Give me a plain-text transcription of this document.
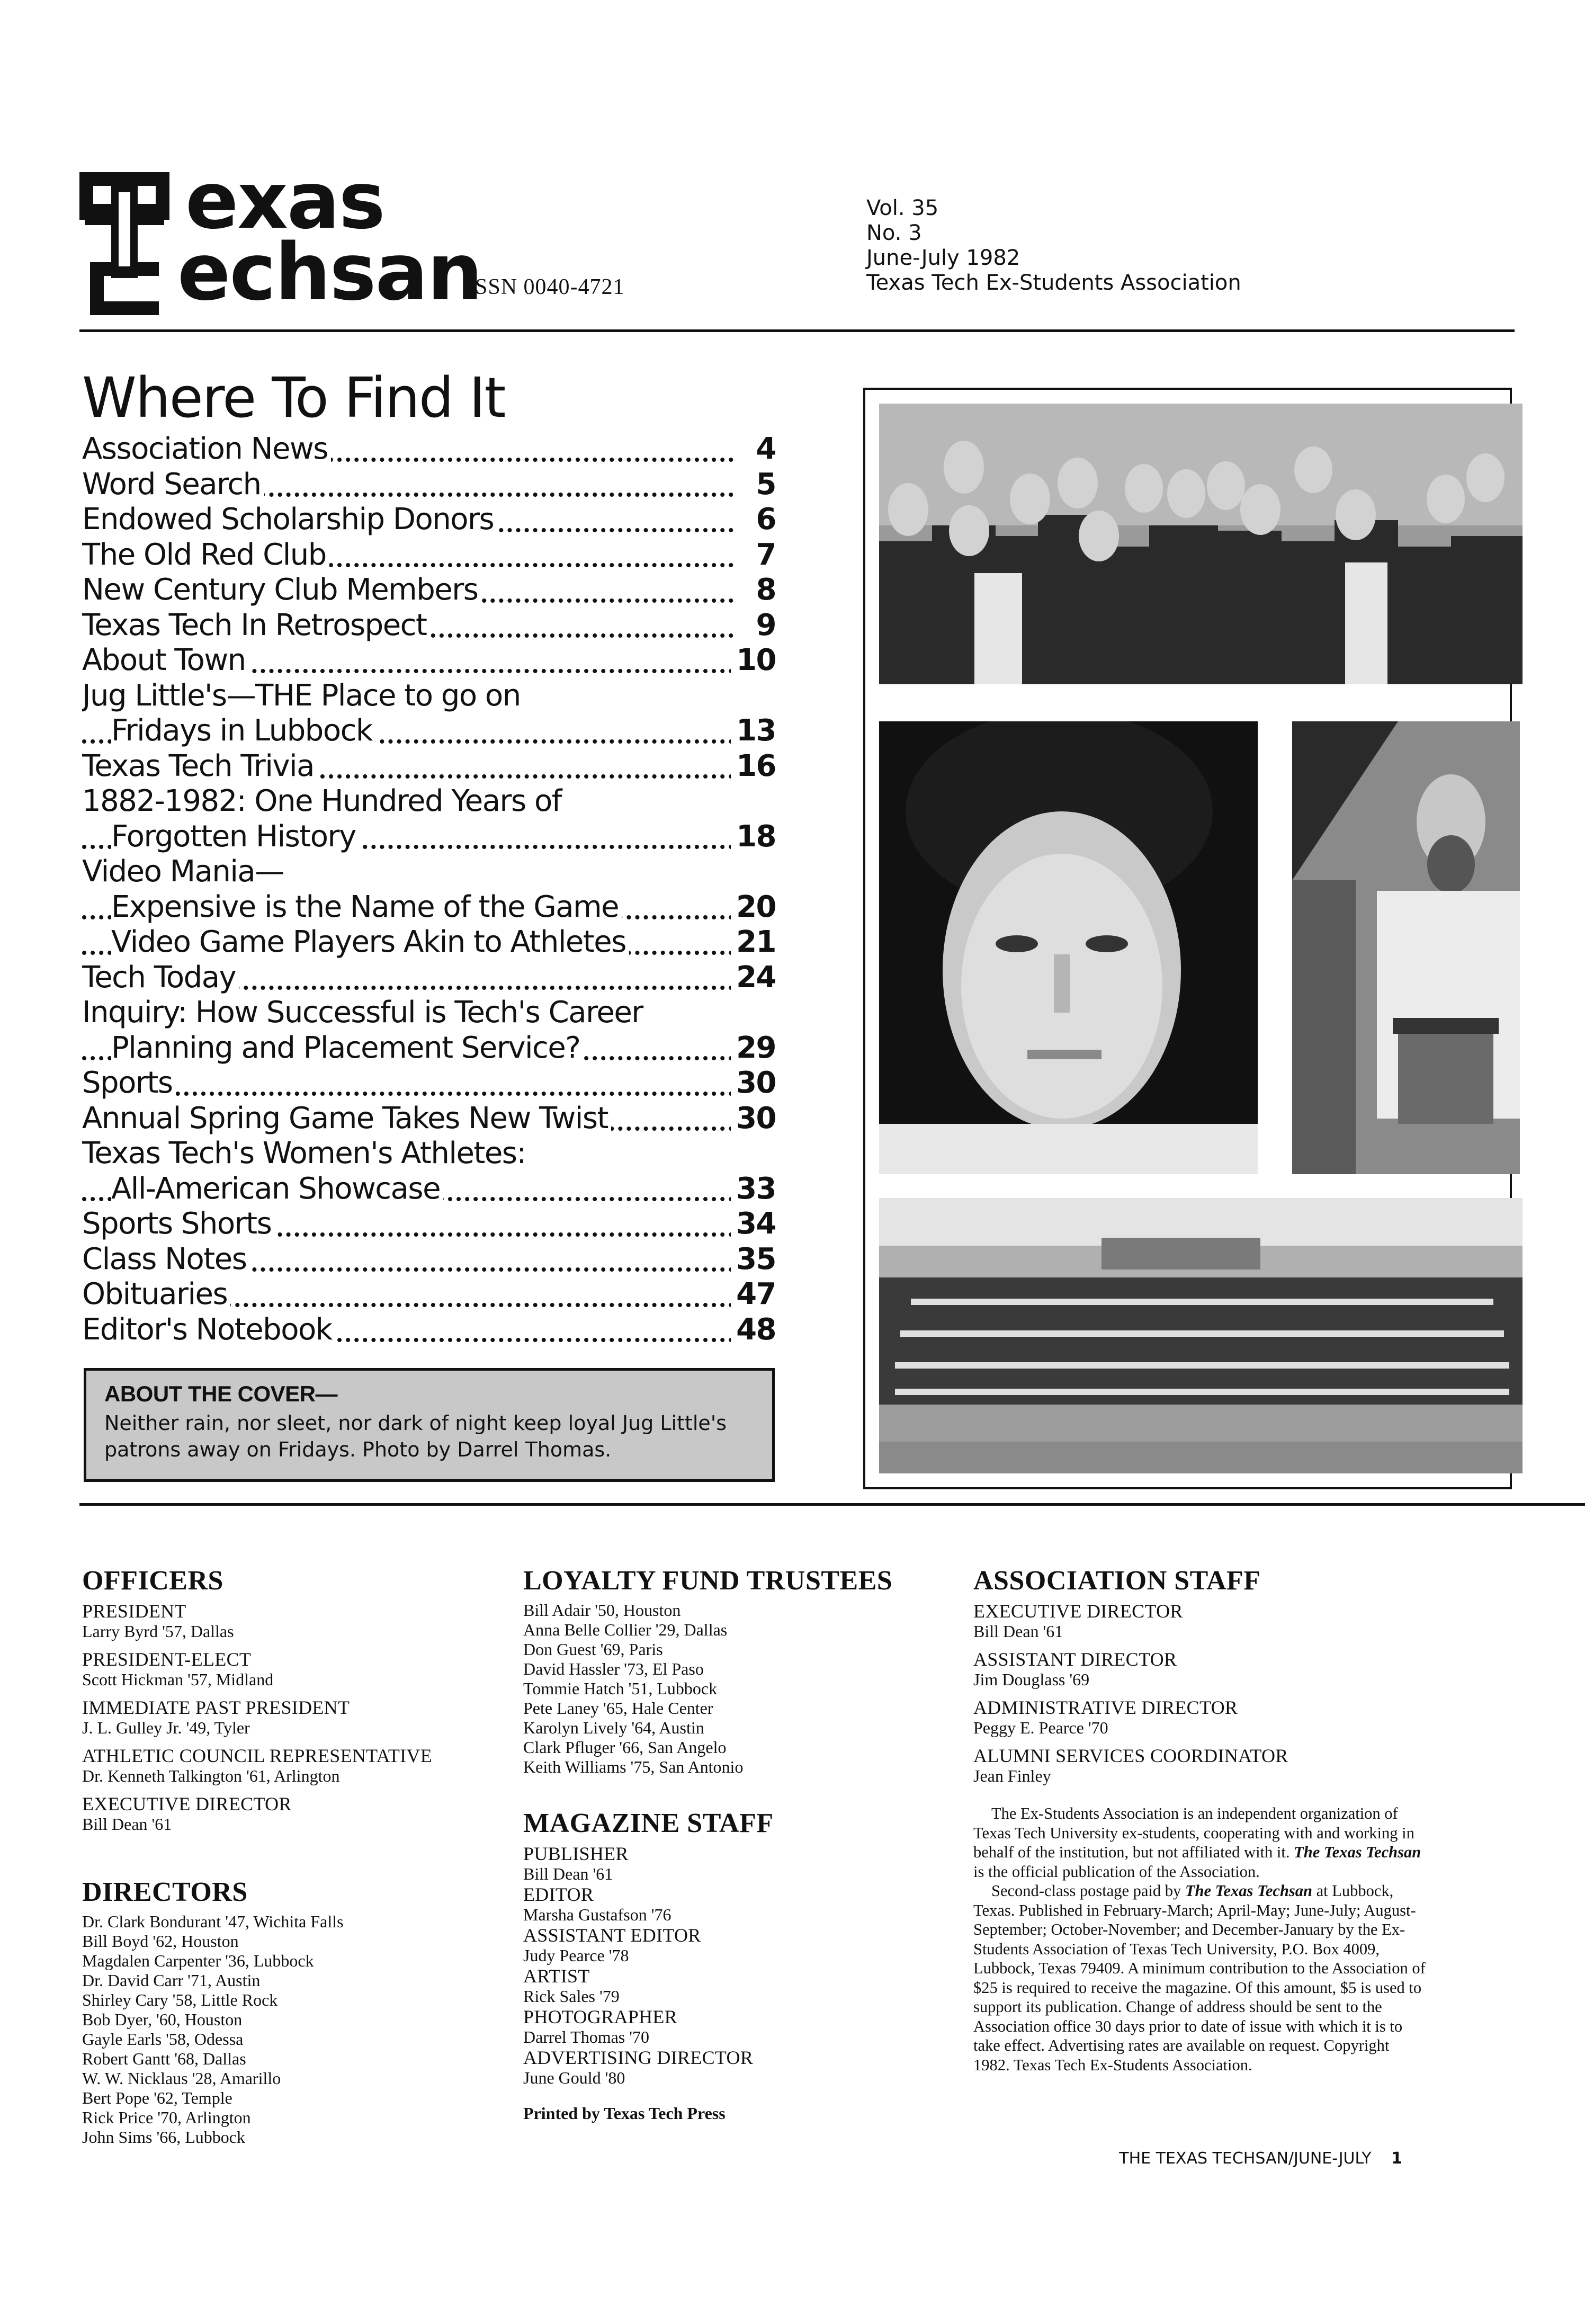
exas
echsan
ISSN 0040-4721
Vol. 35
No. 3
June-July 1982
Texas Tech Ex-Students Association
Where To Find It
Association News	4
Word Search	5
Endowed Scholarship Donors	6
The Old Red Club	7
New Century Club Members	8
Texas Tech In Retrospect	9
About Town	10
Jug Little's—THE Place to go on
Fridays in Lubbock	13
Texas Tech Trivia	16
1882-1982: One Hundred Years of
Forgotten History	18
Video Mania—
Expensive is the Name of the Game	20
Video Game Players Akin to Athletes	21
Tech Today	24
Inquiry: How Successful is Tech's Career
Planning and Placement Service?	29
Sports	30
Annual Spring Game Takes New Twist	30
Texas Tech's Women's Athletes:
All-American Showcase	33
Sports Shorts	34
Class Notes	35
Obituaries	47
Editor's Notebook	48
ABOUT THE COVER—
Neither rain, nor sleet, nor dark of night keep loyal Jug Little's
patrons away on Fridays. Photo by Darrel Thomas.
OFFICERS
PRESIDENT
Larry Byrd '57, Dallas
PRESIDENT-ELECT
Scott Hickman '57, Midland
IMMEDIATE PAST PRESIDENT
J. L. Gulley Jr. '49, Tyler
ATHLETIC COUNCIL REPRESENTATIVE
Dr. Kenneth Talkington '61, Arlington
EXECUTIVE DIRECTOR
Bill Dean '61
DIRECTORS
Dr. Clark Bondurant '47, Wichita Falls
Bill Boyd '62, Houston
Magdalen Carpenter '36, Lubbock
Dr. David Carr '71, Austin
Shirley Cary '58, Little Rock
Bob Dyer, '60, Houston
Gayle Earls '58, Odessa
Robert Gantt '68, Dallas
W. W. Nicklaus '28, Amarillo
Bert Pope '62, Temple
Rick Price '70, Arlington
John Sims '66, Lubbock
LOYALTY FUND TRUSTEES
Bill Adair '50, Houston
Anna Belle Collier '29, Dallas
Don Guest '69, Paris
David Hassler '73, El Paso
Tommie Hatch '51, Lubbock
Pete Laney '65, Hale Center
Karolyn Lively '64, Austin
Clark Pfluger '66, San Angelo
Keith Williams '75, San Antonio
MAGAZINE STAFF
PUBLISHER
Bill Dean '61
EDITOR
Marsha Gustafson '76
ASSISTANT EDITOR
Judy Pearce '78
ARTIST
Rick Sales '79
PHOTOGRAPHER
Darrel Thomas '70
ADVERTISING DIRECTOR
June Gould '80
Printed by Texas Tech Press
ASSOCIATION STAFF
EXECUTIVE DIRECTOR
Bill Dean '61
ASSISTANT DIRECTOR
Jim Douglass '69
ADMINISTRATIVE DIRECTOR
Peggy E. Pearce '70
ALUMNI SERVICES COORDINATOR
Jean Finley

The Ex-Students Association is an independent organization of Texas Tech University ex-students, cooperating with and working in behalf of the institution, but not affiliated with it. The Texas Techsan is the official publication of the Association.

Second-class postage paid by The Texas Techsan at Lubbock, Texas. Published in February-March; April-May; June-July; August-September; October-November; and December-January by the Ex-Students Association of Texas Tech University, P.O. Box 4009, Lubbock, Texas 79409. A minimum contribution to the Association of $25 is required to receive the magazine. Of this amount, $5 is used to support its publication. Change of address should be sent to the Association office 30 days prior to date of issue with which it is to take effect. Advertising rates are available on request. Copyright 1982. Texas Tech Ex-Students Association.

THE TEXAS TECHSAN/JUNE-JULY 1
